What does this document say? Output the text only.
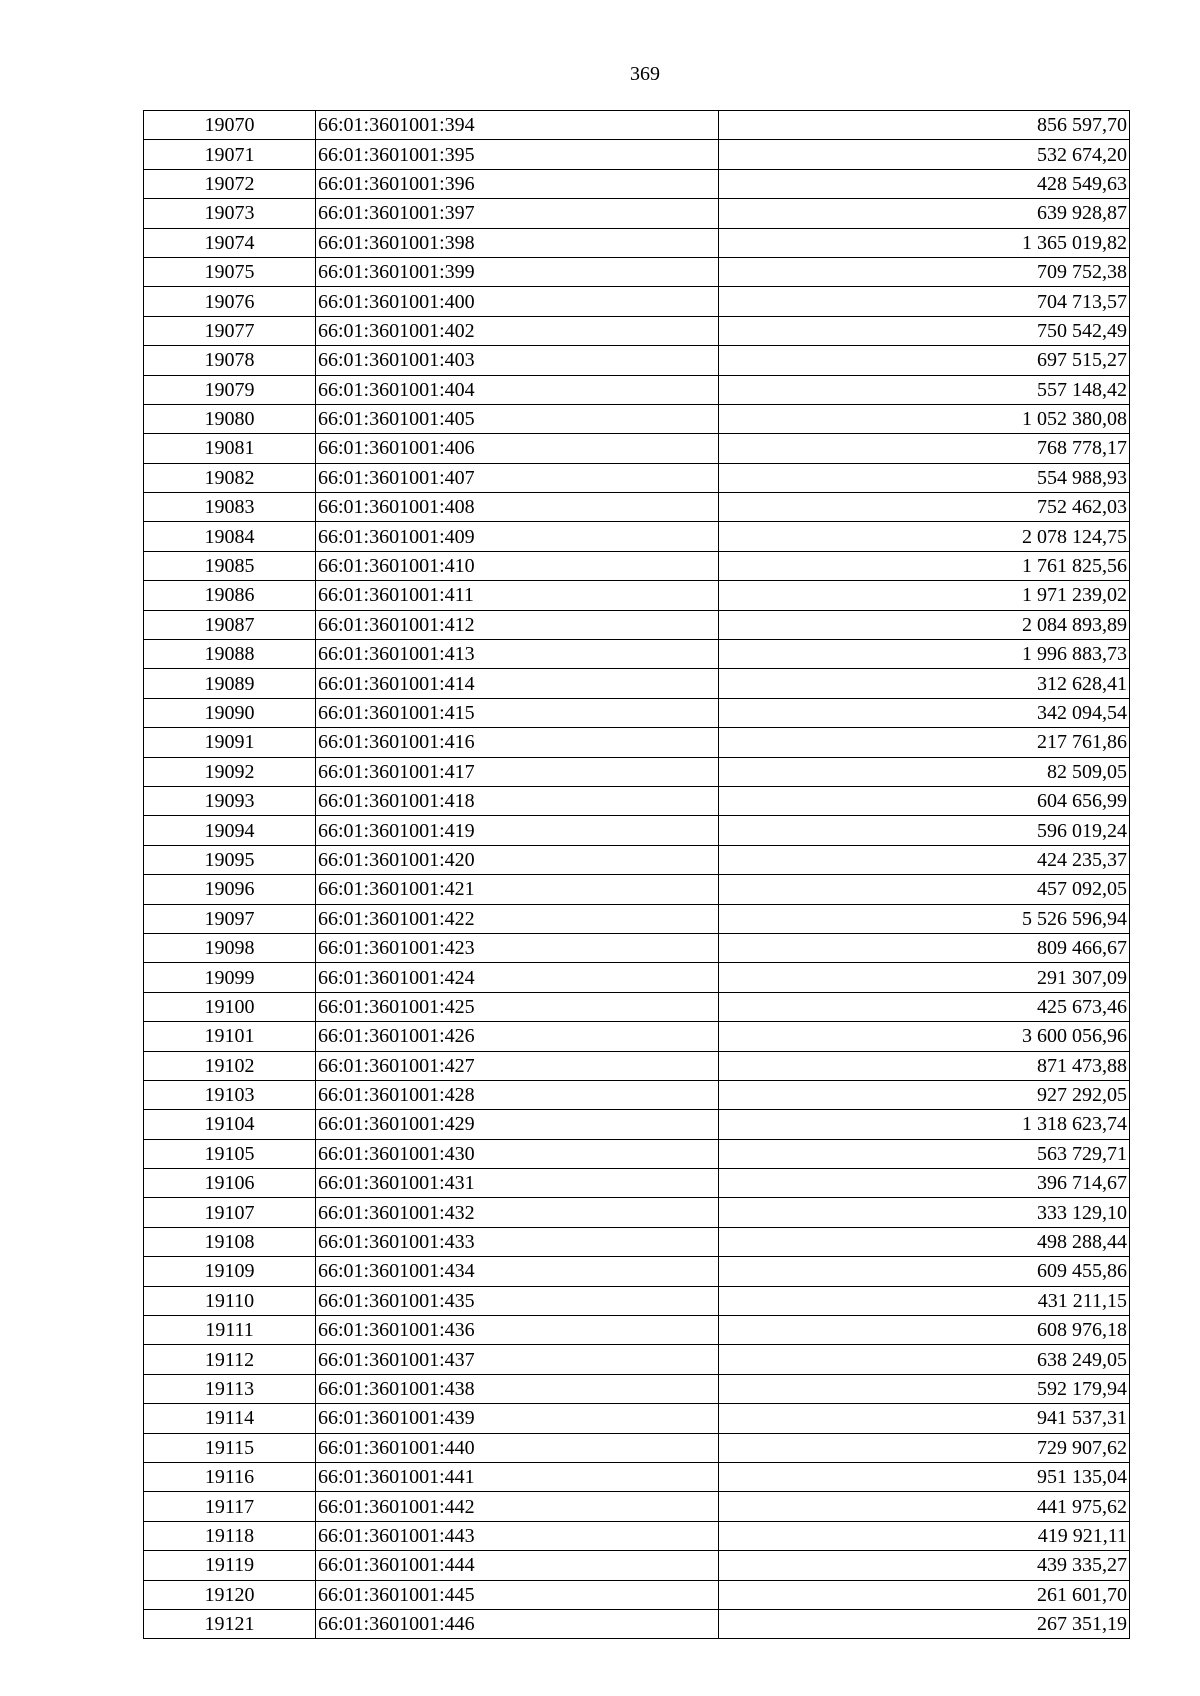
369
19070	66:01:3601001:394	856 597,70
19071	66:01:3601001:395	532 674,20
19072	66:01:3601001:396	428 549,63
19073	66:01:3601001:397	639 928,87
19074	66:01:3601001:398	1 365 019,82
19075	66:01:3601001:399	709 752,38
19076	66:01:3601001:400	704 713,57
19077	66:01:3601001:402	750 542,49
19078	66:01:3601001:403	697 515,27
19079	66:01:3601001:404	557 148,42
19080	66:01:3601001:405	1 052 380,08
19081	66:01:3601001:406	768 778,17
19082	66:01:3601001:407	554 988,93
19083	66:01:3601001:408	752 462,03
19084	66:01:3601001:409	2 078 124,75
19085	66:01:3601001:410	1 761 825,56
19086	66:01:3601001:411	1 971 239,02
19087	66:01:3601001:412	2 084 893,89
19088	66:01:3601001:413	1 996 883,73
19089	66:01:3601001:414	312 628,41
19090	66:01:3601001:415	342 094,54
19091	66:01:3601001:416	217 761,86
19092	66:01:3601001:417	82 509,05
19093	66:01:3601001:418	604 656,99
19094	66:01:3601001:419	596 019,24
19095	66:01:3601001:420	424 235,37
19096	66:01:3601001:421	457 092,05
19097	66:01:3601001:422	5 526 596,94
19098	66:01:3601001:423	809 466,67
19099	66:01:3601001:424	291 307,09
19100	66:01:3601001:425	425 673,46
19101	66:01:3601001:426	3 600 056,96
19102	66:01:3601001:427	871 473,88
19103	66:01:3601001:428	927 292,05
19104	66:01:3601001:429	1 318 623,74
19105	66:01:3601001:430	563 729,71
19106	66:01:3601001:431	396 714,67
19107	66:01:3601001:432	333 129,10
19108	66:01:3601001:433	498 288,44
19109	66:01:3601001:434	609 455,86
19110	66:01:3601001:435	431 211,15
19111	66:01:3601001:436	608 976,18
19112	66:01:3601001:437	638 249,05
19113	66:01:3601001:438	592 179,94
19114	66:01:3601001:439	941 537,31
19115	66:01:3601001:440	729 907,62
19116	66:01:3601001:441	951 135,04
19117	66:01:3601001:442	441 975,62
19118	66:01:3601001:443	419 921,11
19119	66:01:3601001:444	439 335,27
19120	66:01:3601001:445	261 601,70
19121	66:01:3601001:446	267 351,19
